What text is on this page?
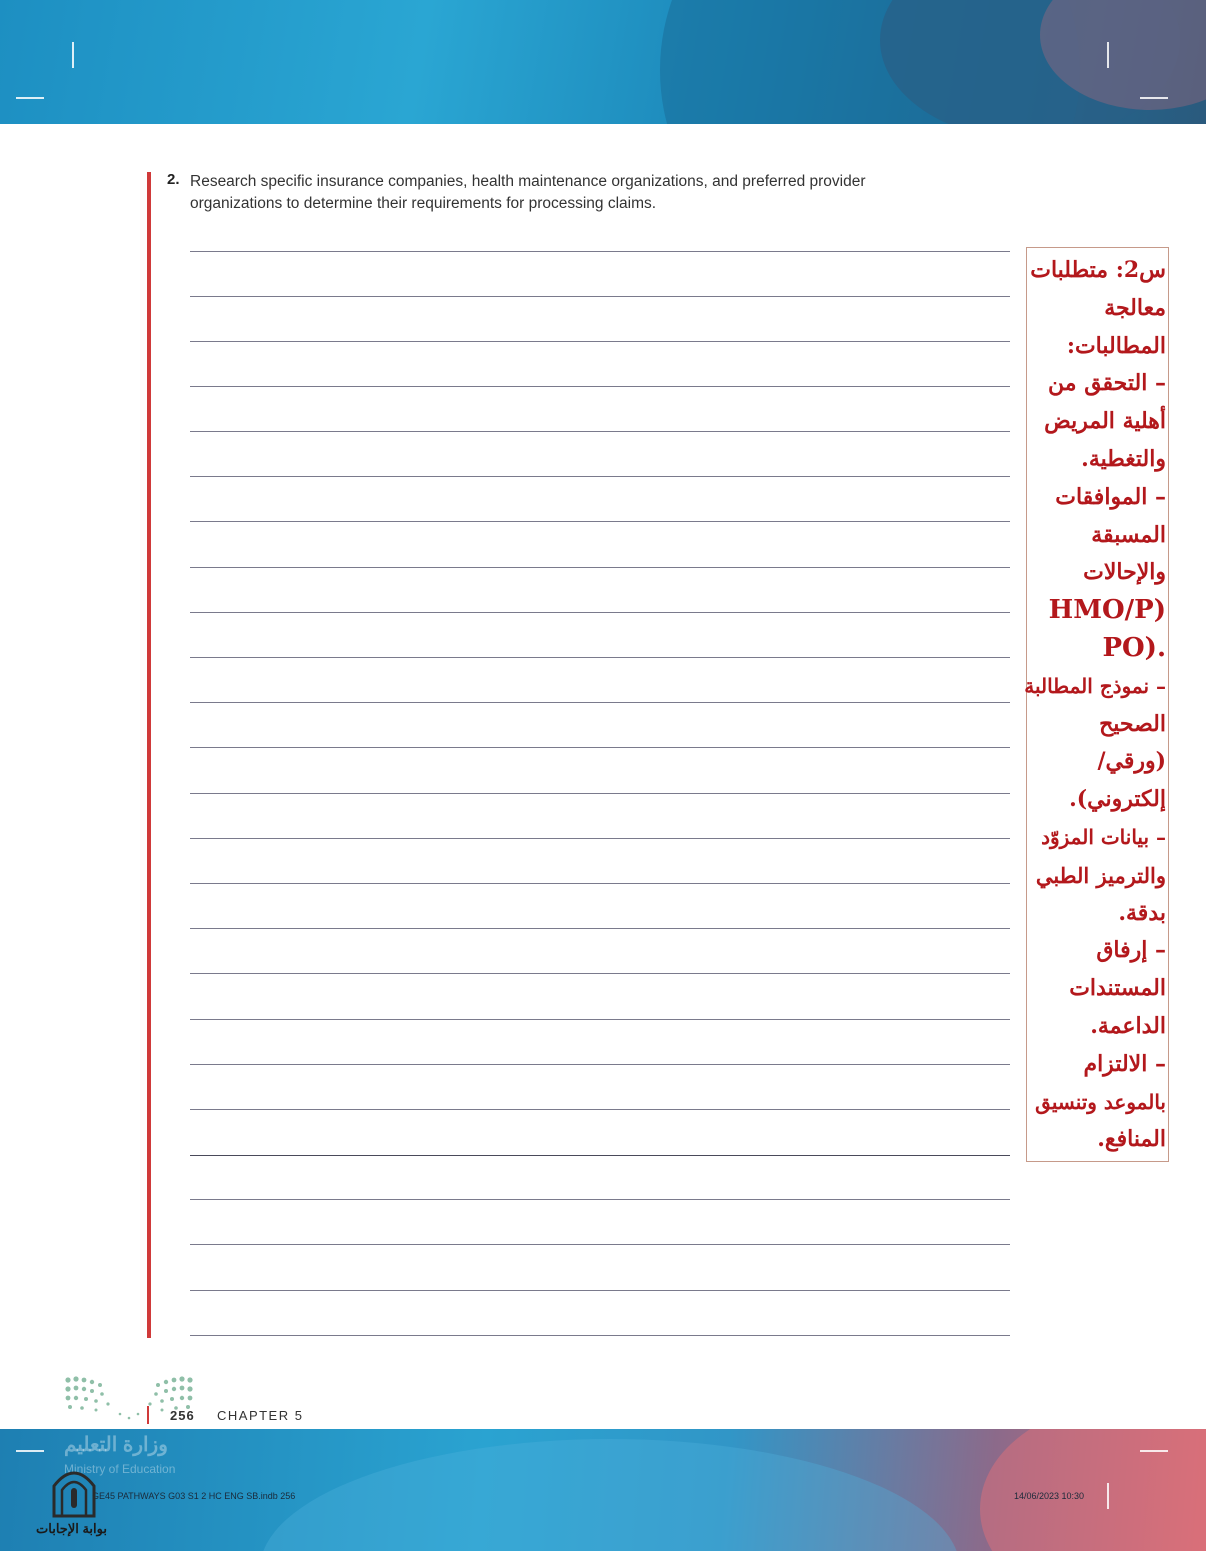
2. Research specific insurance companies, health maintenance organizations, and preferred provider organizations to determine their requirements for processing claims.
س2: متطلبات
معالجة
المطالبات:
– التحقق من
أهلية المريض
والتغطية.
– الموافقات
المسبقة
والإحالات
(HMO/P
.(PO
– نموذج المطالبة
الصحيح
(ورقي/
إلكتروني).
– بيانات المزوّد
والترميز الطبي
بدقة.
– إرفاق
المستندات
الداعمة.
– الالتزام
بالموعد وتنسيق
المنافع.
256 CHAPTER 5
وزارة التعليم
Ministry of Education
GE45 PATHWAYS G03 S1 2 HC ENG SB.indb 256	14/06/2023 10:30
بوابة الإجابات
